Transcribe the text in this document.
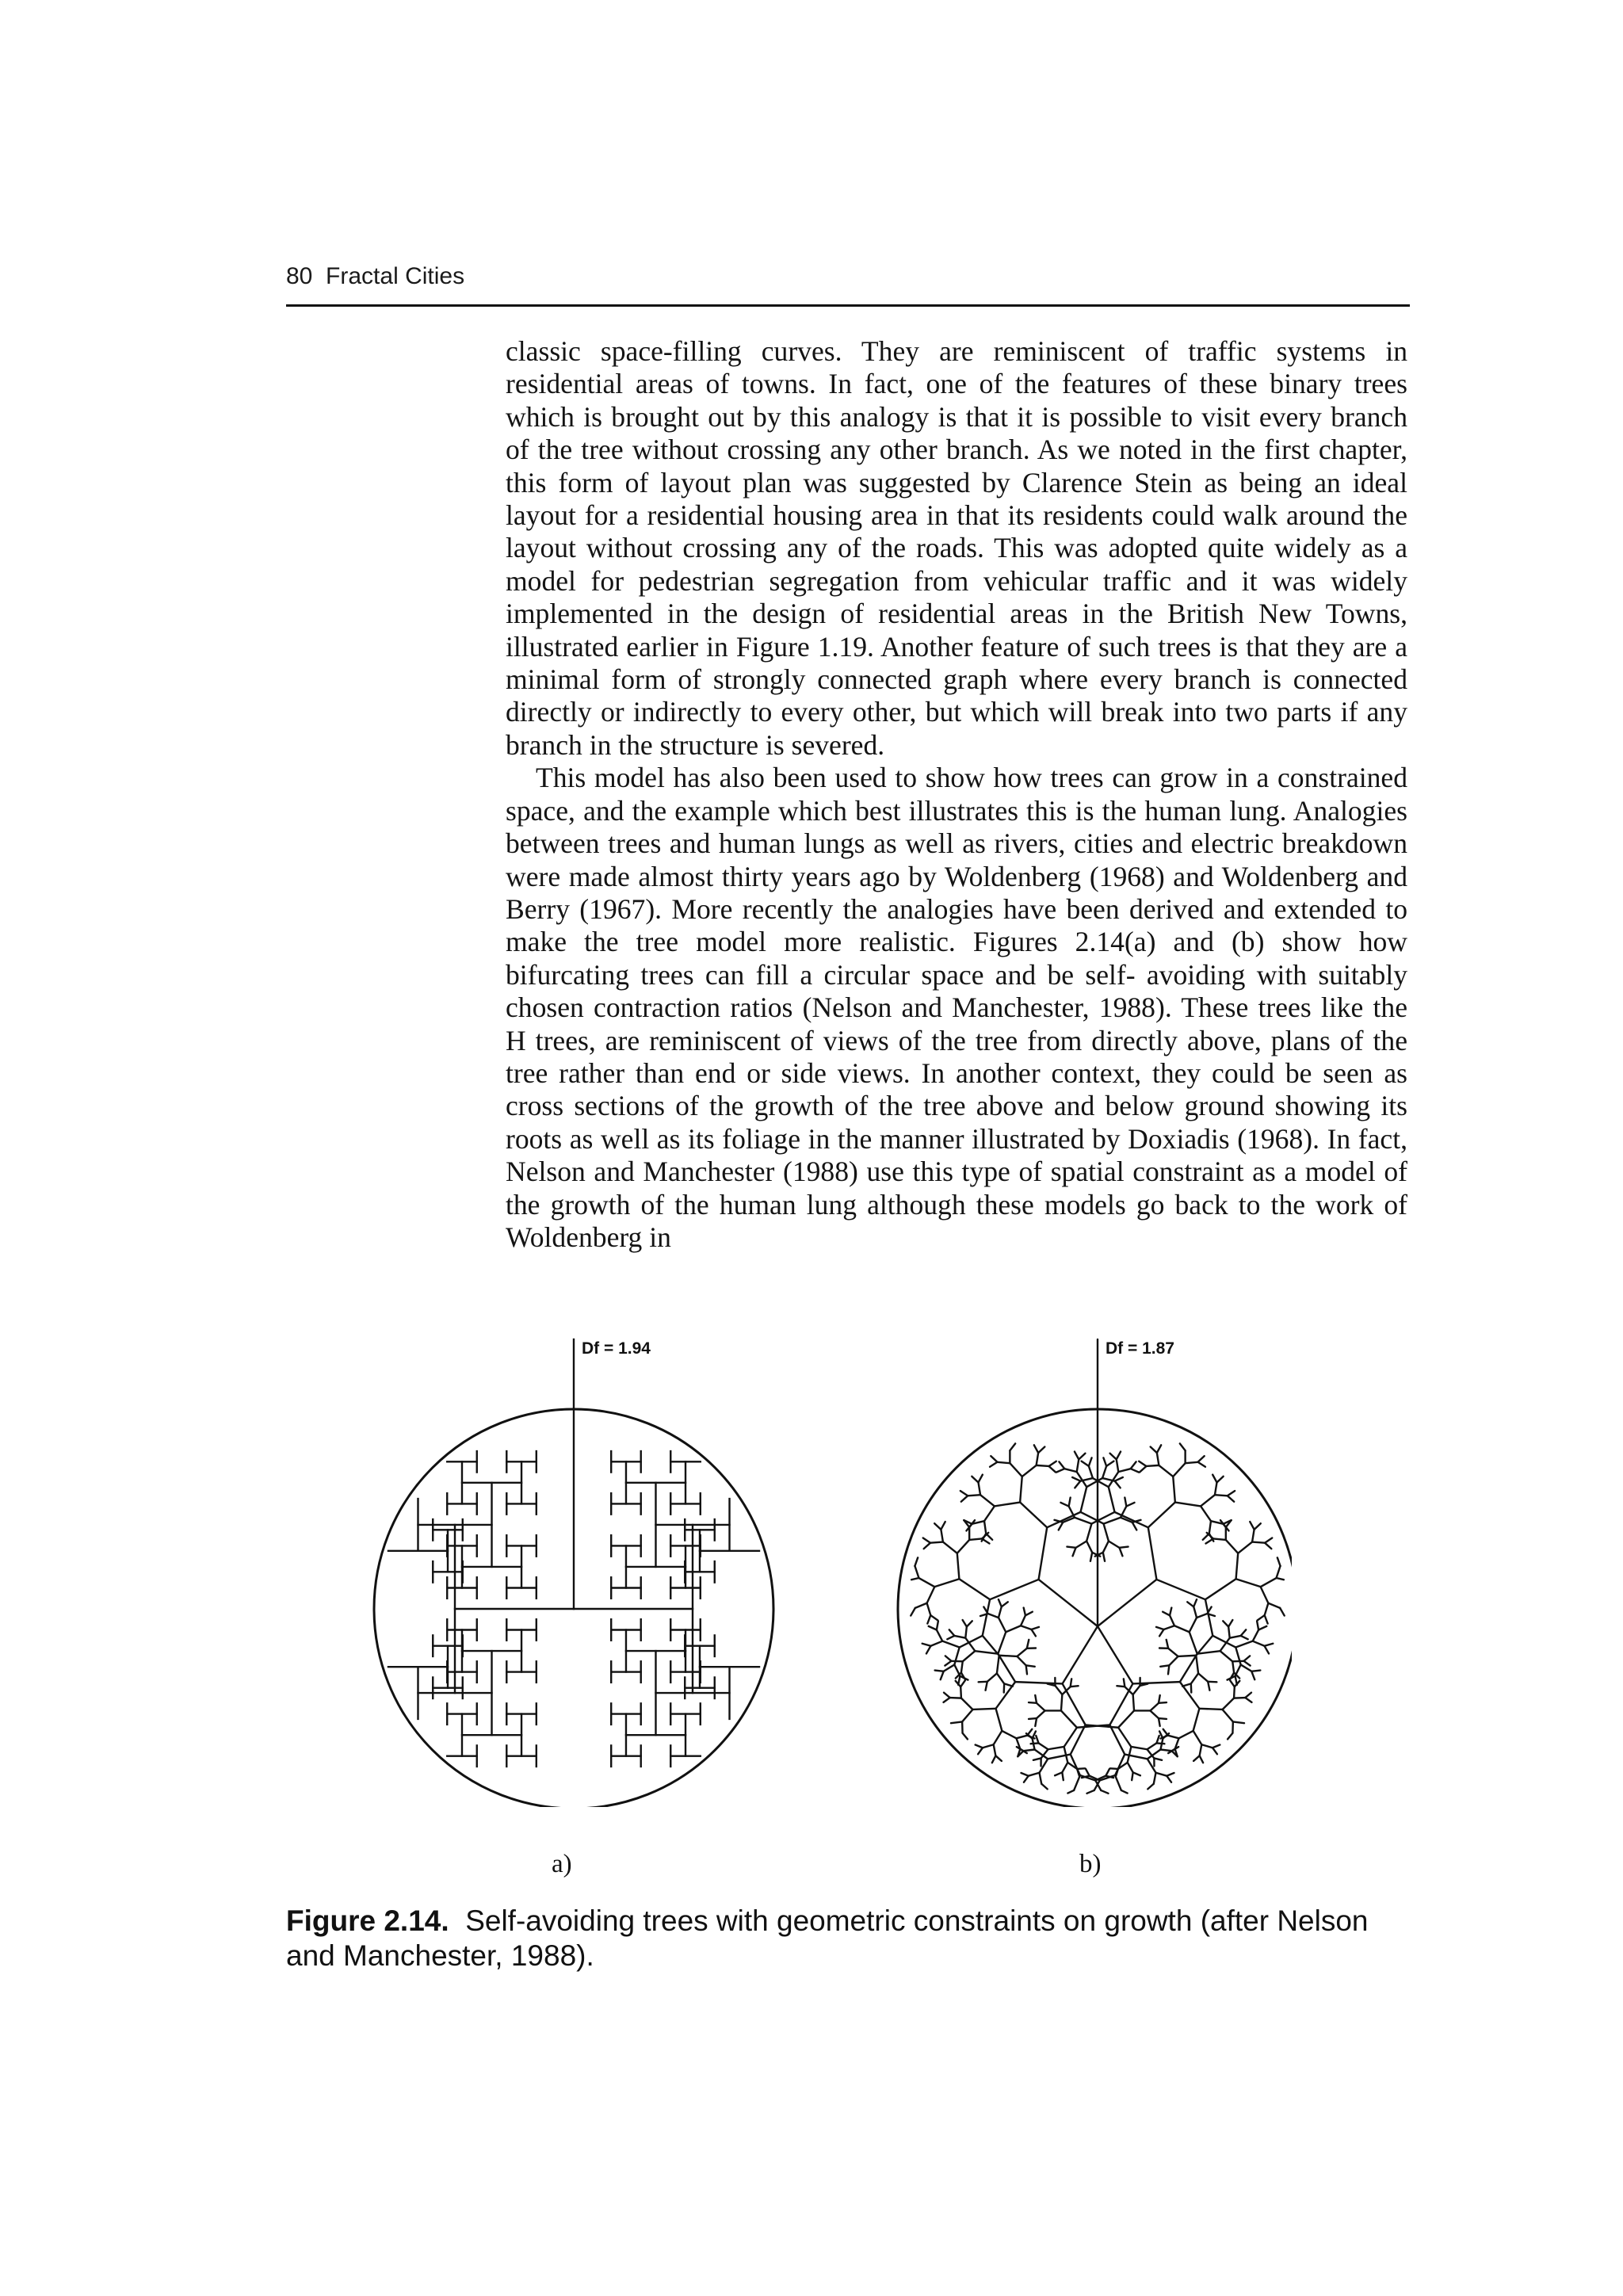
80 Fractal Cities

classic space-filling curves. They are reminiscent of traffic systems in residential areas of towns. In fact, one of the features of these binary trees which is brought out by this analogy is that it is possible to visit every branch of the tree without crossing any other branch. As we noted in the first chapter, this form of layout plan was suggested by Clarence Stein as being an ideal layout for a residential housing area in that its residents could walk around the layout without crossing any of the roads. This was adopted quite widely as a model for pedestrian segregation from vehicular traffic and it was widely implemented in the design of residential areas in the British New Towns, illustrated earlier in Figure 1.19. Another feature of such trees is that they are a minimal form of strongly connected graph where every branch is connected directly or indirectly to every other, but which will break into two parts if any branch in the structure is severed.

This model has also been used to show how trees can grow in a constrained space, and the example which best illustrates this is the human lung. Analogies between trees and human lungs as well as rivers, cities and electric breakdown were made almost thirty years ago by Woldenberg (1968) and Woldenberg and Berry (1967). More recently the analogies have been derived and extended to make the tree model more realistic. Figures 2.14(a) and (b) show how bifurcating trees can fill a circular space and be self- avoiding with suitably chosen contraction ratios (Nelson and Manchester, 1988). These trees like the H trees, are reminiscent of views of the tree from directly above, plans of the tree rather than end or side views. In another context, they could be seen as cross sections of the growth of the tree above and below ground showing its roots as well as its foliage in the manner illustrated by Doxiadis (1968). In fact, Nelson and Manchester (1988) use this type of spatial constraint as a model of the growth of the human lung although these models go back to the work of Woldenberg in

Df = 1.94	Df = 1.87
a)	b)
Figure 2.14. Self-avoiding trees with geometric constraints on growth (after Nelson and Manchester, 1988).
